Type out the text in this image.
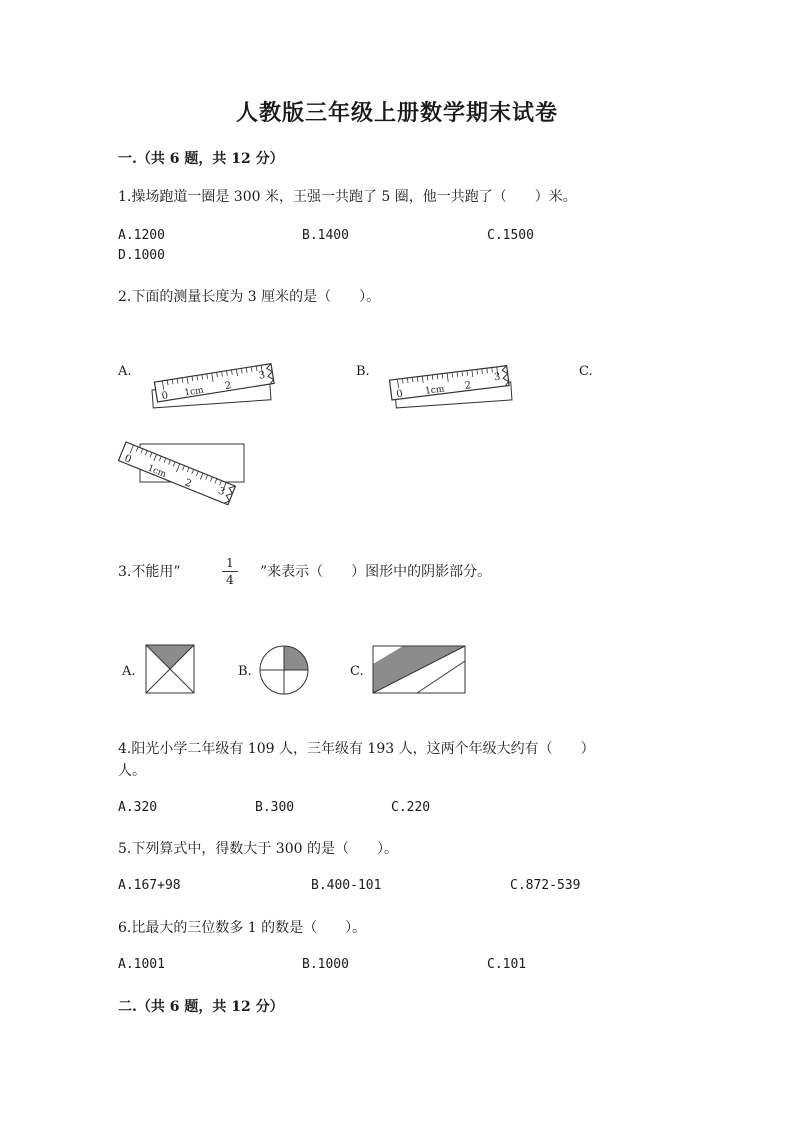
人教版三年级上册数学期末试卷
一.（共 6 题，共 12 分）
1.操场跑道一圈是 300 米，王强一共跑了 5 圈，他一共跑了（　　）米。
A.1200	B.1400	C.1500
D.1000
2.下面的测量长度为 3 厘米的是（　　）。
A.	B.	C.
0 1cm 2
3
0 1cm 2
3
0
1cm
2
3
3.不能用”
1
4 ”来表示（　　）图形中的阴影部分。
A.	B.	C.
4.阳光小学二年级有 109 人，三年级有 193 人，这两个年级大约有（　　）
人。
A.320	B.300	C.220
5.下列算式中，得数大于 300 的是（　　）。
A.167+98	B.400-101	C.872-539
6.比最大的三位数多 1 的数是（　　）。
A.1001	B.1000	C.101
二.（共 6 题，共 12 分）
